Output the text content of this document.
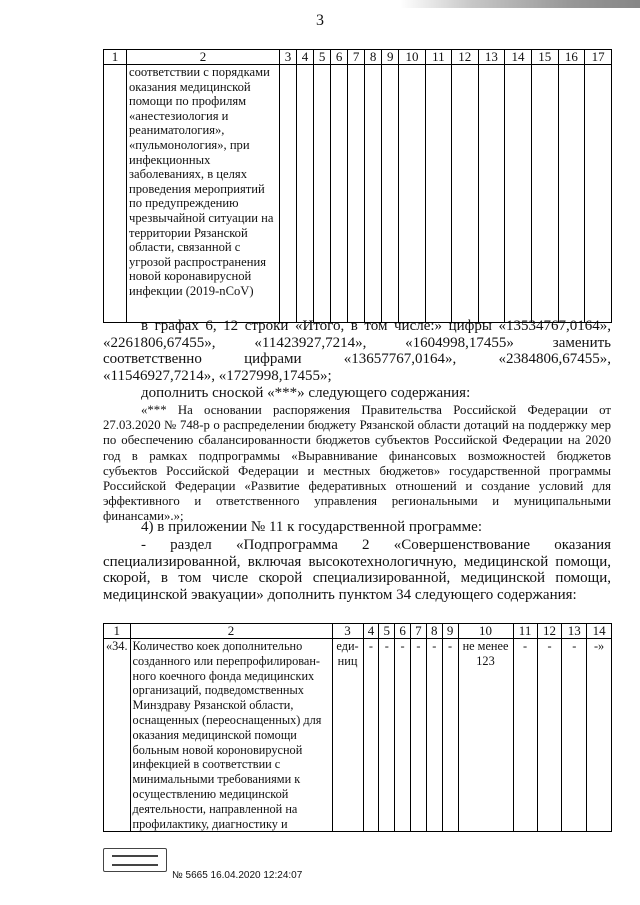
3
1	2	3	4	5	6	7	8	9	10	11	12	13	14	15	16	17
	соответствии с порядками оказания медицинской помощи по профилям «анестезиология и реаниматология», «пульмонология», при инфекционных заболеваниях, в целях проведения мероприятий по предупреждению чрезвычайной ситуации на территории Рязанской области, связанной с угрозой распространения новой коронавирусной инфекции (2019-nCoV)															
в графах 6, 12 строки «Итого, в том числе:» цифры «13534767,0164»,
«2261806,67455», «11423927,7214», «1604998,17455» заменить
соответственно цифрами «13657767,0164», «2384806,67455»,
«11546927,7214», «1727998,17455»;
дополнить сноской «***» следующего содержания:
«*** На основании распоряжения Правительства Российской Федерации от 27.03.2020 № 748-р о распределении бюджету Рязанской области дотаций на поддержку мер по обеспечению сбалансированности бюджетов субъектов Российской Федерации на 2020 год в рамках подпрограммы «Выравнивание финансовых возможностей бюджетов субъектов Российской Федерации и местных бюджетов» государственной программы Российской Федерации «Развитие федеративных отношений и создание условий для эффективного и ответственного управления региональными и муниципальными финансами».»;
4) в приложении № 11 к государственной программе:
- раздел «Подпрограмма 2 «Совершенствование оказания специализированной, включая высокотехнологичную, медицинской помощи, скорой, в том числе скорой специализированной, медицинской помощи, медицинской эвакуации» дополнить пунктом 34 следующего содержания:
1	2	3	4	5	6	7	8	9	10	11	12	13	14
«34.	Количество коек дополнительно созданного или перепрофилирован-ного коечного фонда медицинских организаций, подведомственных Минздраву Рязанской области, оснащенных (переоснащенных) для оказания медицинской помощи больным новой короновирусной инфекцией в соответствии с минимальными требованиями к осуществлению медицинской деятельности, направленной на профилактику, диагностику и	еди-ниц	-	-	-	-	-	-	не менее 123	-	-	-	-»
№ 5665 16.04.2020 12:24:07
